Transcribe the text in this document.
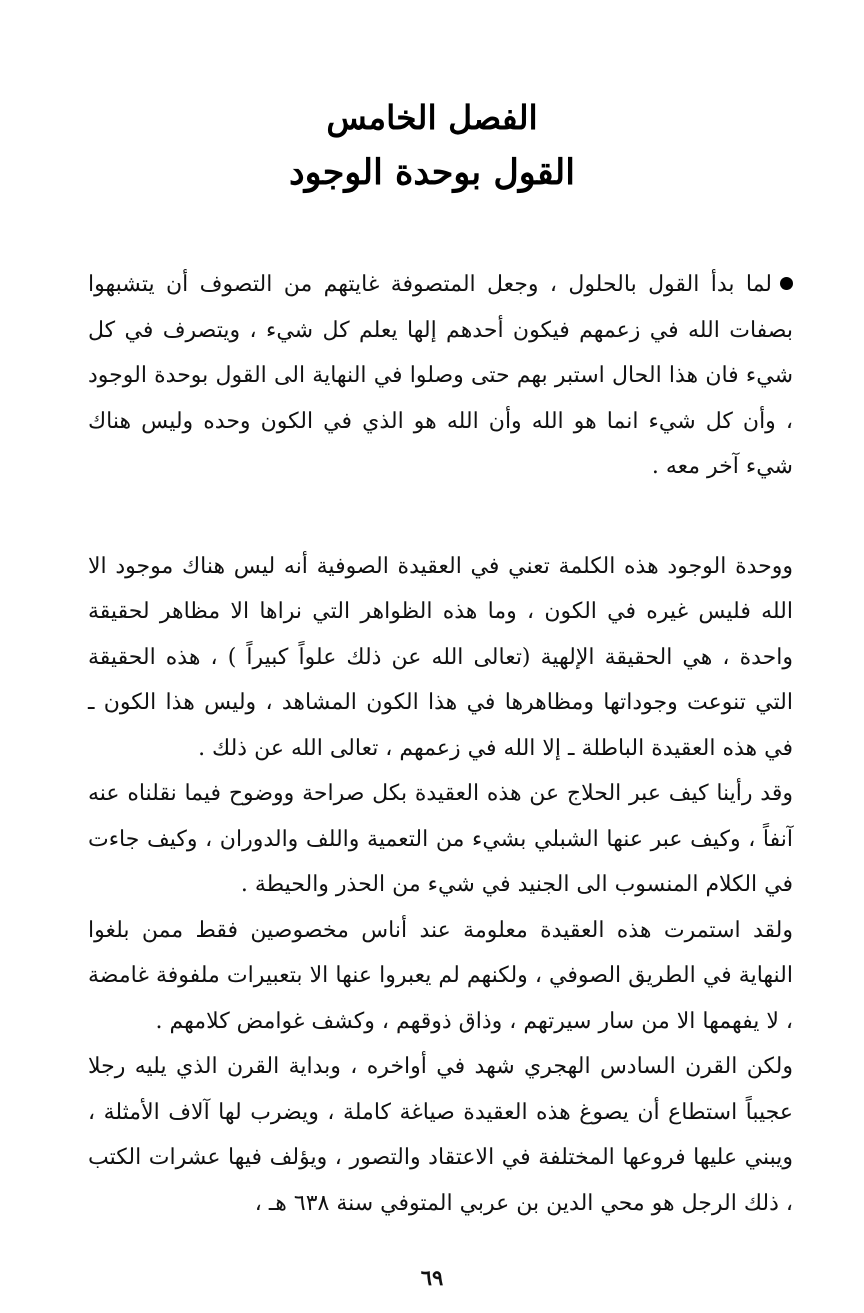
الفصل الخامس
القول بوحدة الوجود

لما بدأ القول بالحلول ، وجعل المتصوفة غايتهم من التصوف أن يتشبهوا بصفات الله في زعمهم فيكون أحدهم إلها يعلم كل شيء ، ويتصرف في كل شيء فان هذا الحال استبر بهم حتى وصلوا في النهاية الى القول بوحدة الوجود ، وأن كل شيء انما هو الله وأن الله هو الذي في الكون وحده وليس هناك شيء آخر معه .

ووحدة الوجود هذه الكلمة تعني في العقيدة الصوفية أنه ليس هناك موجود الا الله فليس غيره في الكون ، وما هذه الظواهر التي نراها الا مظاهر لحقيقة واحدة ، هي الحقيقة الإلهية (تعالى الله عن ذلك علواً كبيراً ) ، هذه الحقيقة التي تنوعت وجوداتها ومظاهرها في هذا الكون المشاهد ، وليس هذا الكون ـ في هذه العقيدة الباطلة ـ إلا الله في زعمهم ، تعالى الله عن ذلك .

وقد رأينا كيف عبر الحلاج عن هذه العقيدة بكل صراحة ووضوح فيما نقلناه عنه آنفاً ، وكيف عبر عنها الشبلي بشيء من التعمية واللف والدوران ، وكيف جاءت في الكلام المنسوب الى الجنيد في شيء من الحذر والحيطة .

ولقد استمرت هذه العقيدة معلومة عند أناس مخصوصين فقط ممن بلغوا النهاية في الطريق الصوفي ، ولكنهم لم يعبروا عنها الا بتعبيرات ملفوفة غامضة ، لا يفهمها الا من سار سيرتهم ، وذاق ذوقهم ، وكشف غوامض كلامهم .

ولكن القرن السادس الهجري شهد في أواخره ، وبداية القرن الذي يليه رجلا عجيباً استطاع أن يصوغ هذه العقيدة صياغة كاملة ، ويضرب لها آلاف الأمثلة ، ويبني عليها فروعها المختلفة في الاعتقاد والتصور ، ويؤلف فيها عشرات الكتب ، ذلك الرجل هو محي الدين بن عربي المتوفي سنة ٦٣٨ هـ ،

٦٩
